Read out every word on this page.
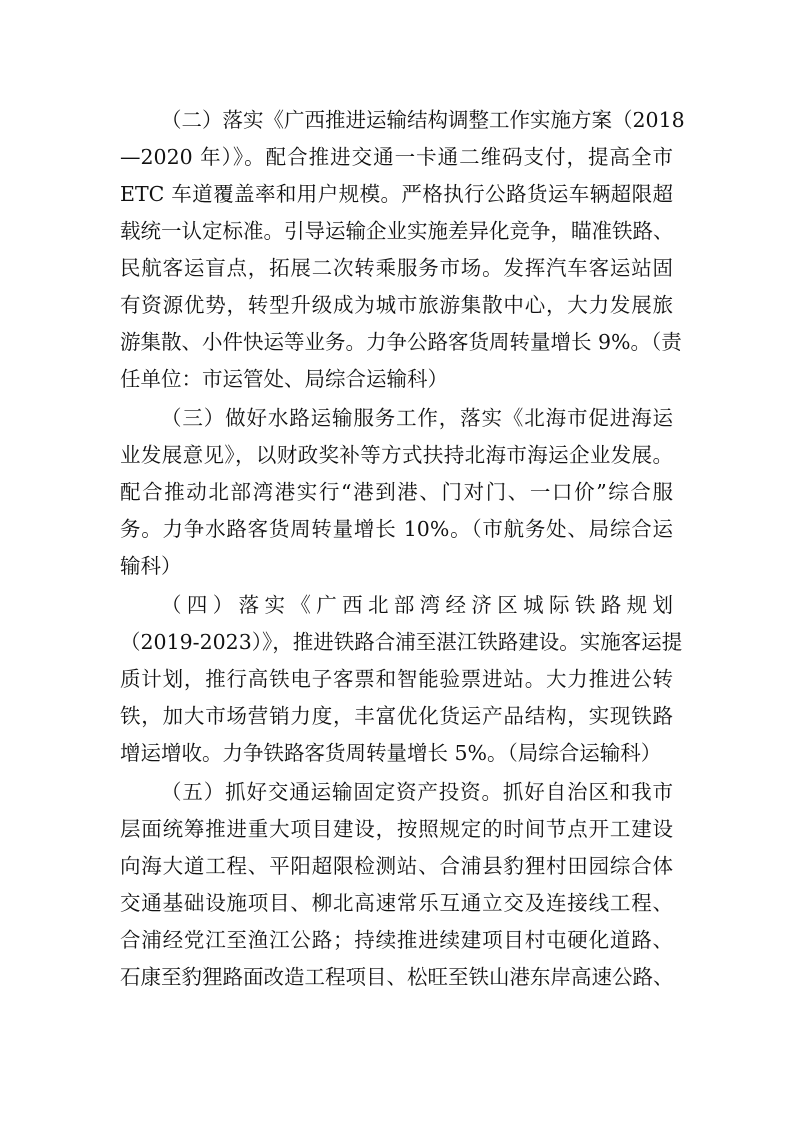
（二）落实《广西推进运输结构调整工作实施方案（2018
—2020 年）》。配合推进交通一卡通二维码支付，提高全市
ETC 车道覆盖率和用户规模。严格执行公路货运车辆超限超
载统一认定标准。引导运输企业实施差异化竞争，瞄准铁路、
民航客运盲点，拓展二次转乘服务市场。发挥汽车客运站固
有资源优势，转型升级成为城市旅游集散中心，大力发展旅
游集散、小件快运等业务。力争公路客货周转量增长 9%。（责
任单位：市运管处、局综合运输科）
（三）做好水路运输服务工作，落实《北海市促进海运
业发展意见》，以财政奖补等方式扶持北海市海运企业发展。
配合推动北部湾港实行“港到港、门对门、一口价”综合服
务。力争水路客货周转量增长 10%。（市航务处、局综合运
输科）
（四）落实《广西北部湾经济区城际铁路规划
（2019-2023）》，推进铁路合浦至湛江铁路建设。实施客运提
质计划，推行高铁电子客票和智能验票进站。大力推进公转
铁，加大市场营销力度，丰富优化货运产品结构，实现铁路
增运增收。力争铁路客货周转量增长 5%。（局综合运输科）
（五）抓好交通运输固定资产投资。抓好自治区和我市
层面统筹推进重大项目建设，按照规定的时间节点开工建设
向海大道工程、平阳超限检测站、合浦县豹狸村田园综合体
交通基础设施项目、柳北高速常乐互通立交及连接线工程、
合浦经党江至渔江公路；持续推进续建项目村屯硬化道路、
石康至豹狸路面改造工程项目、松旺至铁山港东岸高速公路、
